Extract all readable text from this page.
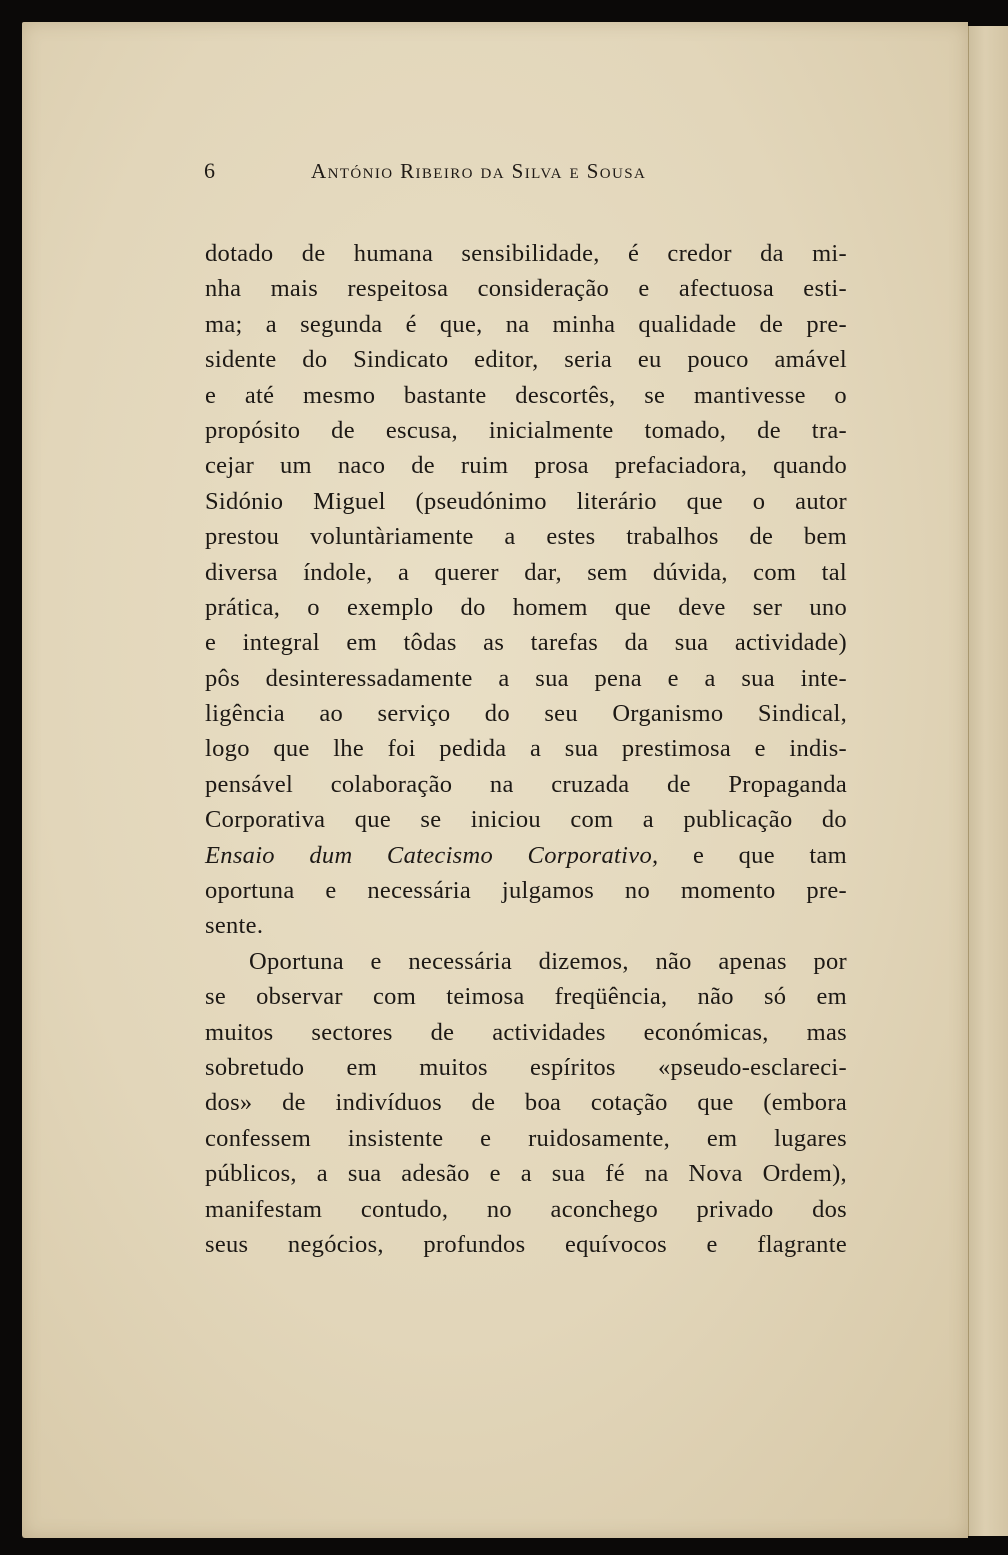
6	António Ribeiro da Silva e Sousa
dotado de humana sensibilidade, é credor da mi-
nha mais respeitosa consideração e afectuosa esti-
ma; a segunda é que, na minha qualidade de pre-
sidente do Sindicato editor, seria eu pouco amável
e até mesmo bastante descortês, se mantivesse o
propósito de escusa, inicialmente tomado, de tra-
cejar um naco de ruim prosa prefaciadora, quando
Sidónio Miguel (pseudónimo literário que o autor
prestou voluntàriamente a estes trabalhos de bem
diversa índole, a querer dar, sem dúvida, com tal
prática, o exemplo do homem que deve ser uno
e integral em tôdas as tarefas da sua actividade)
pôs desinteressadamente a sua pena e a sua inte-
ligência ao serviço do seu Organismo Sindical,
logo que lhe foi pedida a sua prestimosa e indis-
pensável colaboração na cruzada de Propaganda
Corporativa que se iniciou com a publicação do
Ensaio dum Catecismo Corporativo, e que tam
oportuna e necessária julgamos no momento pre-
sente.
Oportuna e necessária dizemos, não apenas por
se observar com teimosa freqüência, não só em
muitos sectores de actividades económicas, mas
sobretudo em muitos espíritos «pseudo-esclareci-
dos» de indivíduos de boa cotação que (embora
confessem insistente e ruidosamente, em lugares
públicos, a sua adesão e a sua fé na Nova Ordem),
manifestam contudo, no aconchego privado dos
seus negócios, profundos equívocos e flagrante
